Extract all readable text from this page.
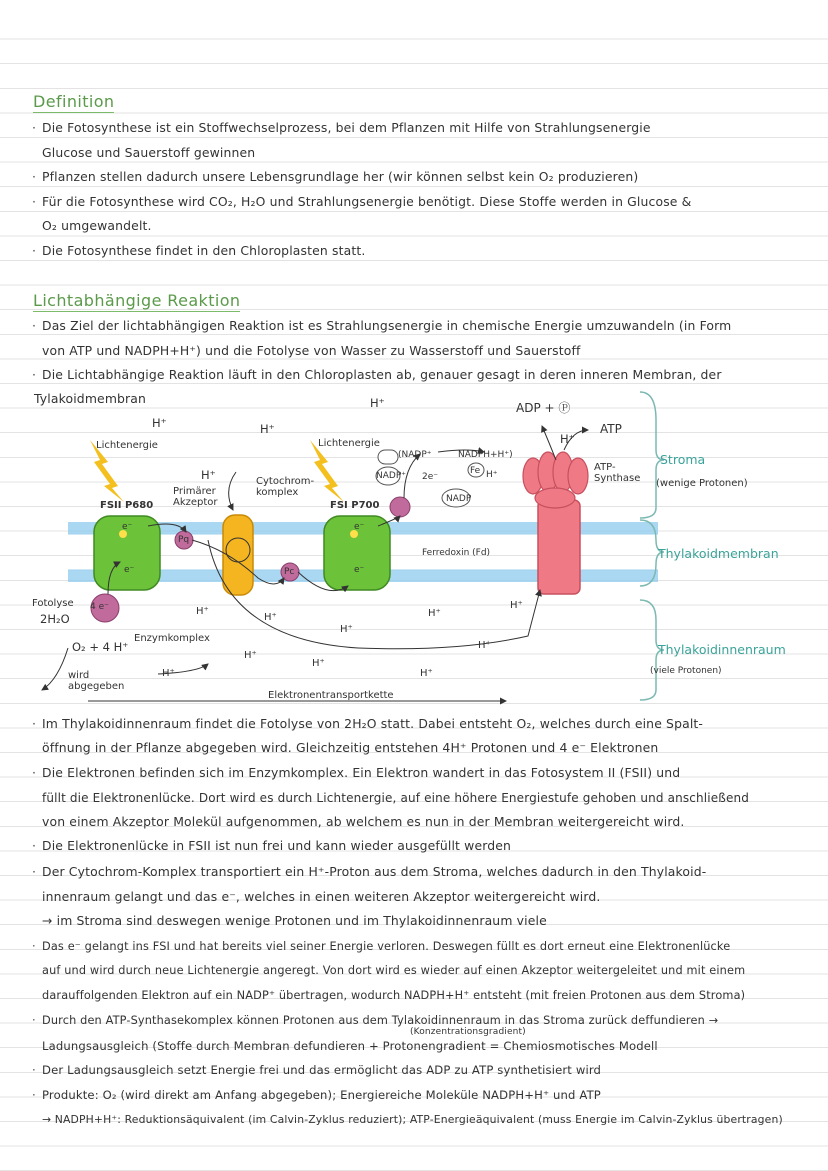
Definition
· Die Fotosynthese ist ein Stoffwechselprozess, bei dem Pflanzen mit Hilfe von Strahlungsenergie
Glucose und Sauerstoff gewinnen
· Pflanzen stellen dadurch unsere Lebensgrundlage her (wir können selbst kein O₂ produzieren)
· Für die Fotosynthese wird CO₂, H₂O und Strahlungsenergie benötigt. Diese Stoffe werden in Glucose &
O₂ umgewandelt.
· Die Fotosynthese findet in den Chloroplasten statt.
Lichtabhängige Reaktion
· Das Ziel der lichtabhängigen Reaktion ist es Strahlungsenergie in chemische Energie umzuwandeln (in Form
von ATP und NADPH+H⁺) und die Fotolyse von Wasser zu Wasserstoff und Sauerstoff
· Die Lichtabhängige Reaktion läuft in den Chloroplasten ab, genauer gesagt in deren inneren Membran, der
Tylakoidmembran
H⁺	H⁺
H⁺
Lichtenergie	Lichtenergie
H⁺
Primärer
Akzeptor
Cytochrom-
komplex
FSII P680	FSI P700
Pq
Pc
e⁻
e⁻
e⁻
e⁻
Ferredoxin (Fd)
(NADP⁺	NADPH+H⁺)
NADP⁺ 2e⁻
Fe H⁺
NADP
ADP + Ⓟ
ATP
H⁺
ATP-
Synthase
Stroma
(wenige Protonen)
Thylakoidmembran
Thylakoidinnenraum
(viele Protonen)
Fotolyse 4 e⁻
2H₂O
Enzymkomplex
O₂ + 4 H⁺
wird
abgegeben
Elektronentransportkette
H⁺
H⁺
H⁺
H⁺
H⁺
H⁺
H⁺
H⁺
H⁺
H⁺
· Im Thylakoidinnenraum findet die Fotolyse von 2H₂O statt. Dabei entsteht O₂, welches durch eine Spalt-
öffnung in der Pflanze abgegeben wird. Gleichzeitig entstehen 4H⁺ Protonen und 4 e⁻ Elektronen
· Die Elektronen befinden sich im Enzymkomplex. Ein Elektron wandert in das Fotosystem II (FSII) und
füllt die Elektronenlücke. Dort wird es durch Lichtenergie, auf eine höhere Energiestufe gehoben und anschließend
von einem Akzeptor Molekül aufgenommen, ab welchem es nun in der Membran weitergereicht wird.
· Die Elektronenlücke in FSII ist nun frei und kann wieder ausgefüllt werden
· Der Cytochrom-Komplex transportiert ein H⁺-Proton aus dem Stroma, welches dadurch in den Thylakoid-
innenraum gelangt und das e⁻, welches in einen weiteren Akzeptor weitergereicht wird.
→ im Stroma sind deswegen wenige Protonen und im Thylakoidinnenraum viele
· Das e⁻ gelangt ins FSI und hat bereits viel seiner Energie verloren. Deswegen füllt es dort erneut eine Elektronenlücke
auf und wird durch neue Lichtenergie angeregt. Von dort wird es wieder auf einen Akzeptor weitergeleitet und mit einem
darauffolgenden Elektron auf ein NADP⁺ übertragen, wodurch NADPH+H⁺ entsteht (mit freien Protonen aus dem Stroma)
· Durch den ATP-Synthasekomplex können Protonen aus dem Tylakoidinnenraum in das Stroma zurück deffundieren →
(Konzentrationsgradient)
Ladungsausgleich (Stoffe durch Membran defundieren + Protonengradient = Chemiosmotisches Modell
· Der Ladungsausgleich setzt Energie frei und das ermöglicht das ADP zu ATP synthetisiert wird
· Produkte: O₂ (wird direkt am Anfang abgegeben); Energiereiche Moleküle NADPH+H⁺ und ATP
→ NADPH+H⁺: Reduktionsäquivalent (im Calvin-Zyklus reduziert); ATP-Energieäquivalent (muss Energie im Calvin-Zyklus übertragen)
